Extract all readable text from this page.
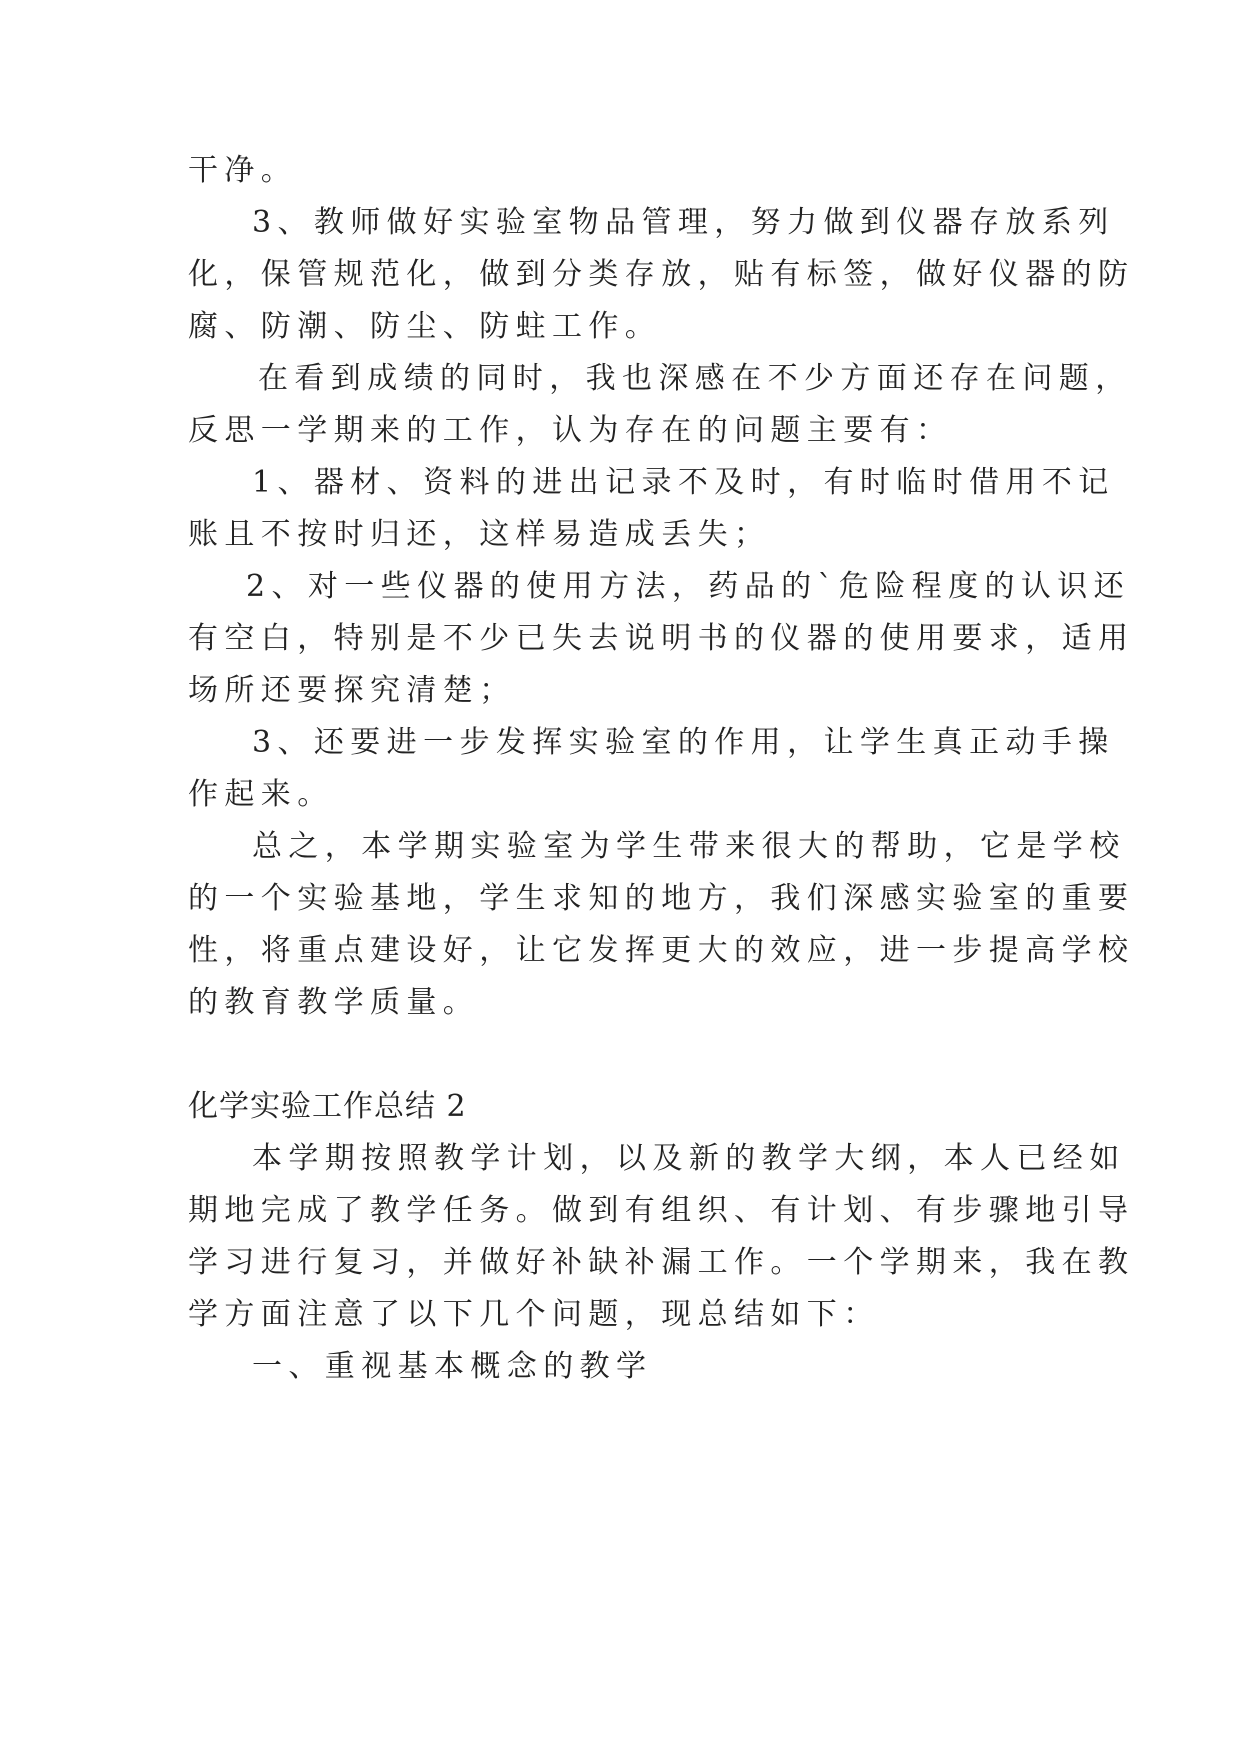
干净。
3、教师做好实验室物品管理，努力做到仪器存放系列
化，保管规范化，做到分类存放，贴有标签，做好仪器的防
腐、防潮、防尘、防蛀工作。
在看到成绩的同时，我也深感在不少方面还存在问题，
反思一学期来的工作，认为存在的问题主要有：
1、器材、资料的进出记录不及时，有时临时借用不记
账且不按时归还，这样易造成丢失；
2、对一些仪器的使用方法，药品的`危险程度的认识还
有空白，特别是不少已失去说明书的仪器的使用要求，适用
场所还要探究清楚；
3、还要进一步发挥实验室的作用，让学生真正动手操
作起来。
总之，本学期实验室为学生带来很大的帮助，它是学校
的一个实验基地，学生求知的地方，我们深感实验室的重要
性，将重点建设好，让它发挥更大的效应，进一步提高学校
的教育教学质量。
化学实验工作总结 2
本学期按照教学计划，以及新的教学大纲，本人已经如
期地完成了教学任务。做到有组织、有计划、有步骤地引导
学习进行复习，并做好补缺补漏工作。一个学期来，我在教
学方面注意了以下几个问题，现总结如下：
一、重视基本概念的教学
